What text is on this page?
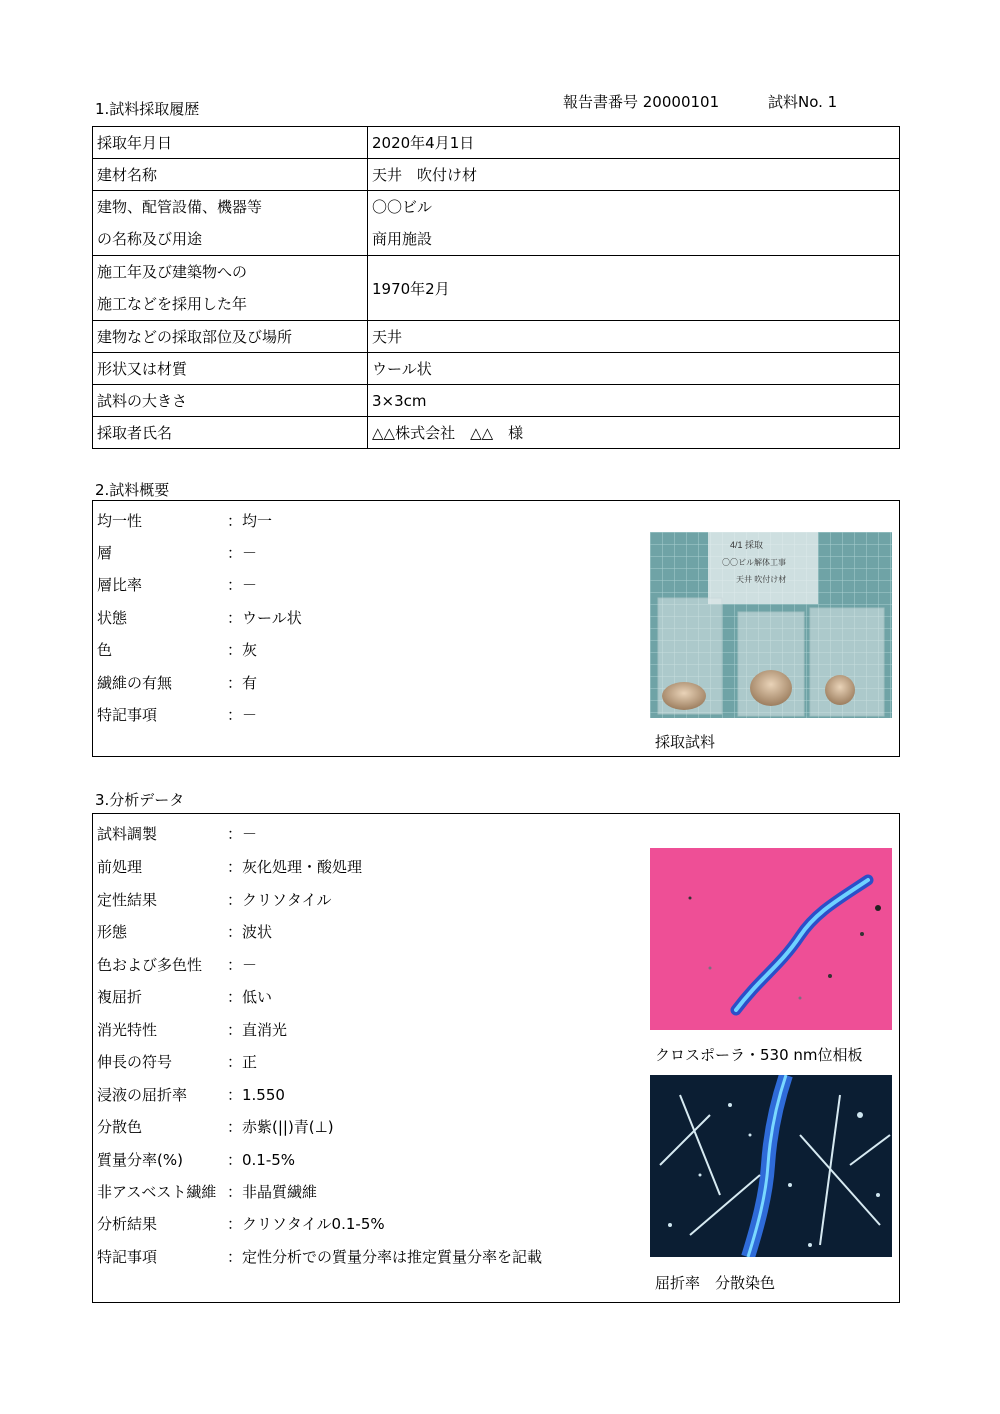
1.試料採取履歴	報告書番号 20000101	試料No. 1
採取年月日	2020年4月1日
建材名称	天井　吹付け材

建物、配管設備、機器等
の名称及び用途	〇〇ビル
商用施設

施工年及び建築物への
施工などを採用した年	1970年2月
建物などの採取部位及び場所	天井
形状又は材質	ウール状
試料の大きさ	3×3cm
採取者氏名	△△株式会社　△△　様
2.試料概要
均一性	：均一
層	：－
層比率	：－
状態	：ウール状
色	：灰
繊維の有無	：有
特記事項	：－
4/1 採取
〇〇ビル解体工事
天井 吹付け材
採取試料
3.分析データ
試料調製	：－
前処理	：灰化処理・酸処理
定性結果	：クリソタイル
形態	：波状
色および多色性 ：－
複屈折	：低い
消光特性	：直消光
伸長の符号	：正
浸液の屈折率	：1.550
分散色	：赤紫(||)青(⊥)
質量分率(%)	：0.1-5%
非アスベスト繊維 ：非晶質繊維
分析結果	：クリソタイル0.1-5%
特記事項	：定性分析での質量分率は推定質量分率を記載
クロスポーラ・530 nm位相板
屈折率　分散染色
